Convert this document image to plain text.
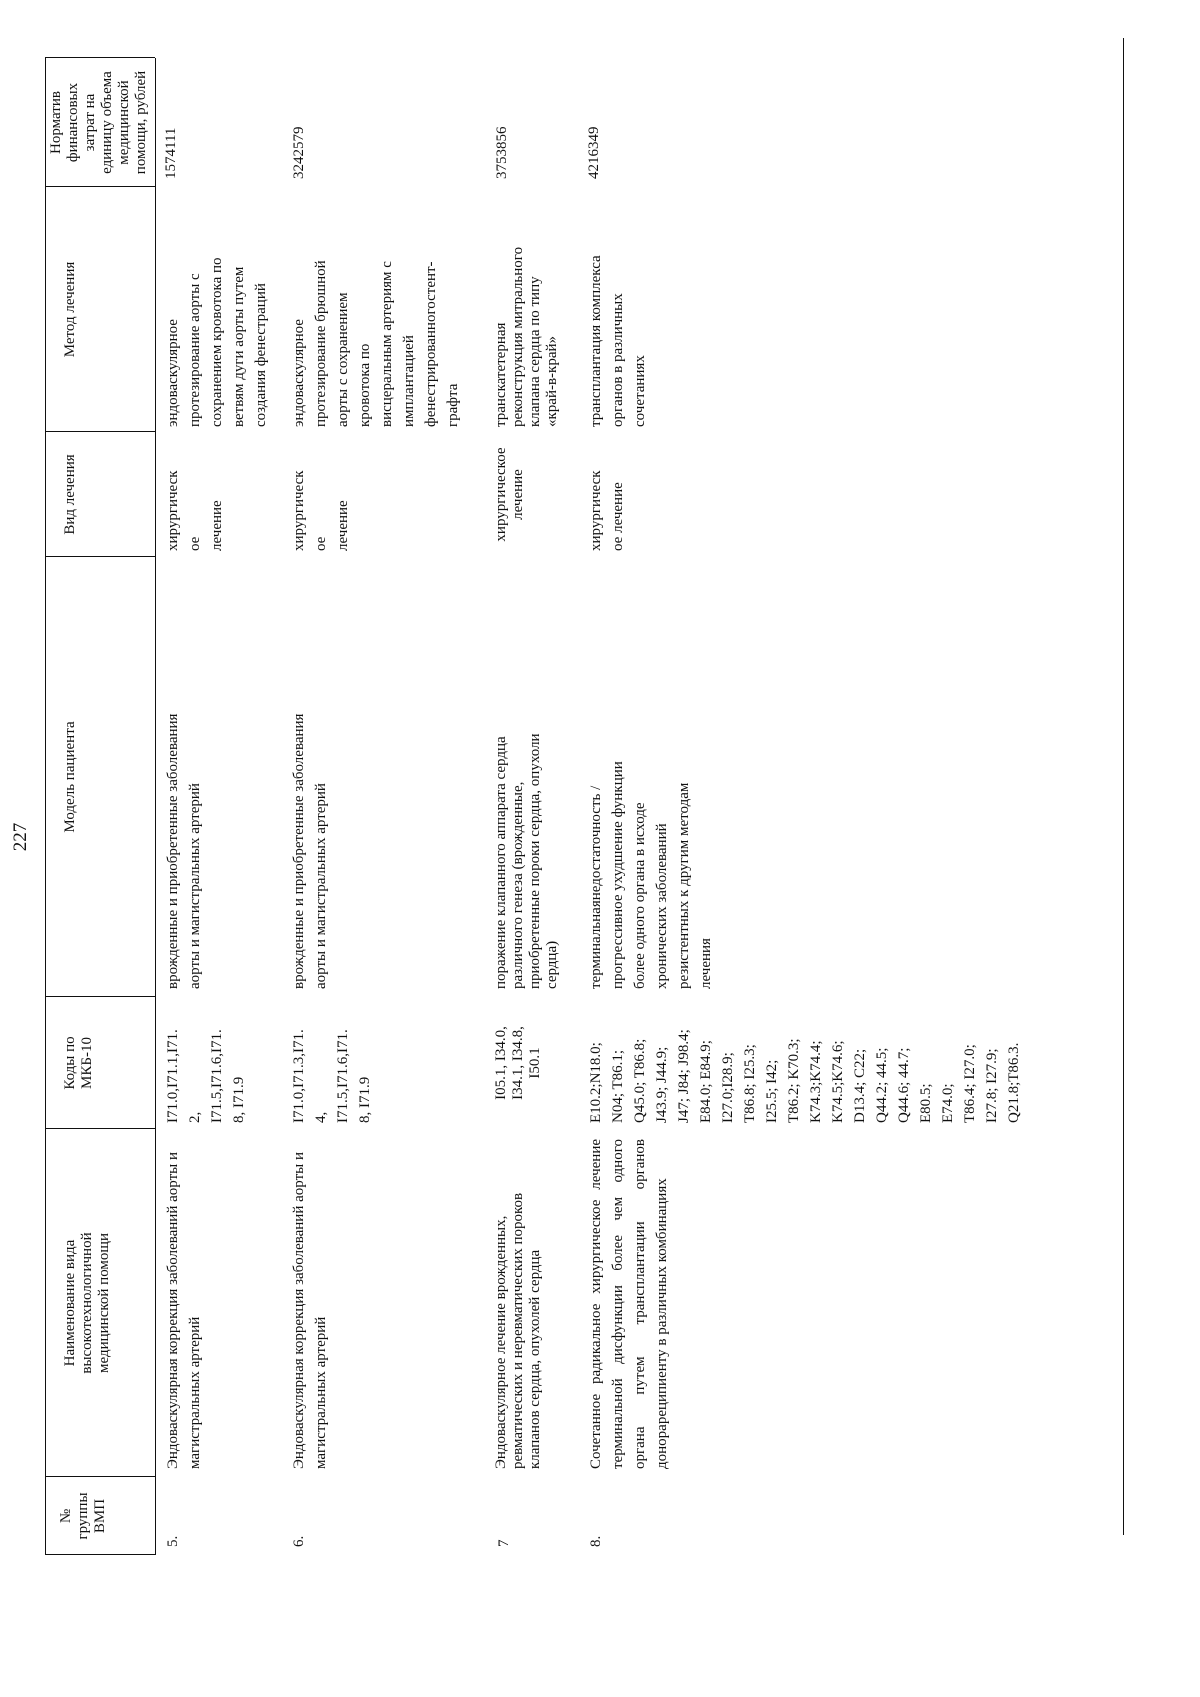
227
№
группы
ВМП
Наименование вида
высокотехнологичной
медицинской помощи
Коды по
МКБ-10
Модель пациента
Вид лечения
Метод лечения
Норматив
финансовых
затрат на
единицу объема
медицинской
помощи, рублей
5.
Эндоваскулярная коррекция заболеваний аорты и магистральных артерий
I71.0,I71.1,I71.
2,
I71.5,I71.6,I71.
8, I71.9
врожденные и приобретенные заболевания аорты и магистральных артерий
хирургическ
ое
лечение
эндоваскулярное
протезирование аорты с
сохранением кровотока по
ветвям дуги аорты путем
создания фенестраций
1574111
6.
Эндоваскулярная коррекция заболеваний аорты и магистральных артерий
I71.0,I71.3,I71.
4,
I71.5,I71.6,I71.
8, I71.9
врожденные и приобретенные заболевания аорты и магистральных артерий
хирургическ
ое
лечение
эндоваскулярное
протезирование брюшной
аорты с сохранением
кровотока по
висцеральным артериям с
имплантацией
фенестрированногостент-
графта
3242579
7
Эндоваскулярное лечение врожденных, ревматических и неревматических пороков клапанов сердца, опухолей сердца
I05.1, I34.0,
I34.1, I34.8,
I50.1
поражение клапанного аппарата сердца различного генеза (врожденные, приобретенные пороки сердца, опухоли сердца)
хирургическое
лечение
транскатетерная
реконструкция митрального
клапана сердца по типу
«край-в-край»
3753856
8.
Сочетанное радикальное хирургическое лечение терминальной дисфункции более чем одного органа путем трансплантации органов донорареципиенту в различных комбинациях
E10.2;N18.0;
N04; T86.1;
Q45.0; T86.8;
J43.9; J44.9;
J47; J84; J98.4;
E84.0; E84.9;
I27.0;I28.9;
T86.8; I25.3;
I25.5; I42;
T86.2; K70.3;
K74.3;K74.4;
K74.5;K74.6;
D13.4; C22;
Q44.2; 44.5;
Q44.6; 44.7;
E80.5;
E74.0;
T86.4; I27.0;
I27.8; I27.9;
Q21.8;T86.3.
терминальнаянедостаточность /
прогрессивное ухудшение функции
более одного органа в исходе
хронических заболеваний
резистентных к другим методам
лечения
хирургическ
ое лечение
трансплантация комплекса
органов в различных
сочетаниях
4216349
